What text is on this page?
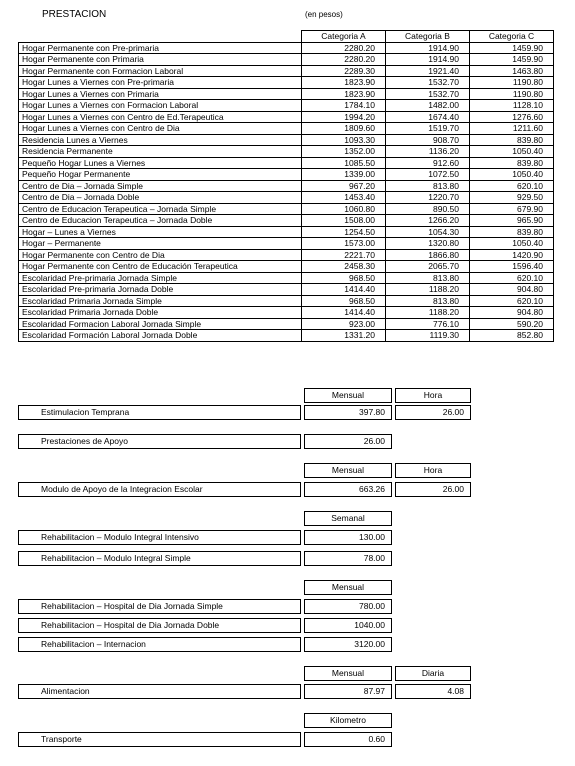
PRESTACION	(en pesos)
	Categoria A	Categoria B	Categoria C
Hogar Permanente con Pre-primaria	2280.20	1914.90	1459.90
Hogar Permanente con Primaria	2280.20	1914.90	1459.90
Hogar Permanente con Formacion Laboral	2289.30	1921.40	1463.80
Hogar Lunes a Viernes con Pre-primaria	1823.90	1532.70	1190.80
Hogar Lunes a Viernes con Primaria	1823.90	1532.70	1190.80
Hogar Lunes a Viernes con Formacion Laboral	1784.10	1482.00	1128.10
Hogar Lunes a Viernes con Centro de Ed.Terapeutica	1994.20	1674.40	1276.60
Hogar Lunes a Viernes con Centro de Dia	1809.60	1519.70	1211.60
Residencia Lunes a Viernes	1093.30	908.70	839.80
Residencia Permanente	1352.00	1136.20	1050.40
Pequeño Hogar Lunes a Viernes	1085.50	912.60	839.80
Pequeño Hogar Permanente	1339.00	1072.50	1050.40
Centro de Dia – Jornada Simple	967.20	813.80	620.10
Centro de Dia – Jornada Doble	1453.40	1220.70	929.50
Centro de Educacion Terapeutica – Jornada Simple	1060.80	890.50	679.90
Centro de Educacion Terapeutica – Jornada Doble	1508.00	1266.20	965.90
Hogar – Lunes a Viernes	1254.50	1054.30	839.80
Hogar – Permanente	1573.00	1320.80	1050.40
Hogar Permanente con Centro de Dia	2221.70	1866.80	1420.90
Hogar Permanente con Centro de Educación Terapeutica	2458.30	2065.70	1596.40
Escolaridad Pre-primaria Jornada Simple	968.50	813.80	620.10
Escolaridad Pre-primaria Jornada Doble	1414.40	1188.20	904.80
Escolaridad Primaria Jornada Simple	968.50	813.80	620.10
Escolaridad Primaria Jornada Doble	1414.40	1188.20	904.80
Escolaridad Formacion Laboral Jornada Simple	923.00	776.10	590.20
Escolaridad Formación Laboral Jornada Doble	1331.20	1119.30	852.80
Mensual	Hora
Estimulacion Temprana	397.80	26.00
Prestaciones de Apoyo	26.00
Mensual	Hora
Modulo de Apoyo de la Integracion Escolar	663.26	26.00
Semanal
Rehabilitacion – Modulo Integral Intensivo	130.00
Rehabilitacion – Modulo Integral Simple	78.00
Mensual
Rehabilitacion – Hospital de Dia Jornada Simple	780.00
Rehabilitacion – Hospital de Dia Jornada Doble	1040.00
Rehabilitacion – Internacion	3120.00
Mensual	Diaria
Alimentacion	87.97	4.08
Kilometro
Transporte	0.60
